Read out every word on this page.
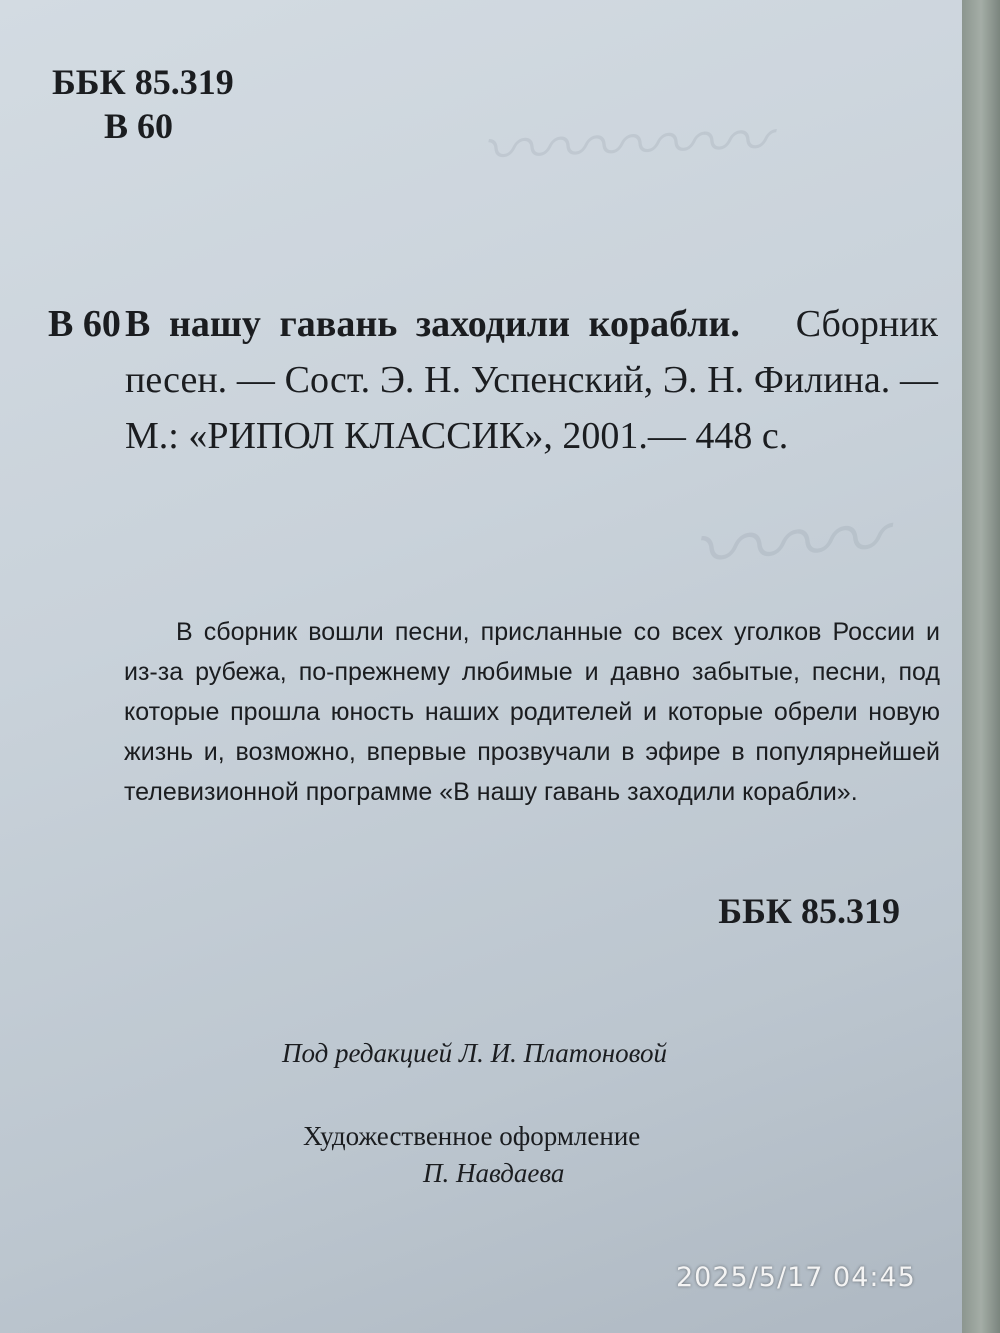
〰〰〰〰
〰〰
ББК 85.319
В 60
В 60 В нашу гавань заходили корабли. Сборник песен. — Сост. Э. Н. Успенский, Э. Н. Филина. — М.: «РИПОЛ КЛАССИК», 2001.— 448 с.
В сборник вошли песни, присланные со всех уголков России и из-за рубежа, по-прежнему любимые и давно забытые, песни, под которые прошла юность наших родителей и которые обрели новую жизнь и, возможно, впервые прозвучали в эфире в популярнейшей телевизионной программе «В нашу гавань заходили корабли».
ББК 85.319
Под редакцией Л. И. Платоновой
Художественное оформление
П. Навдаева
2025/5/17 04:45
